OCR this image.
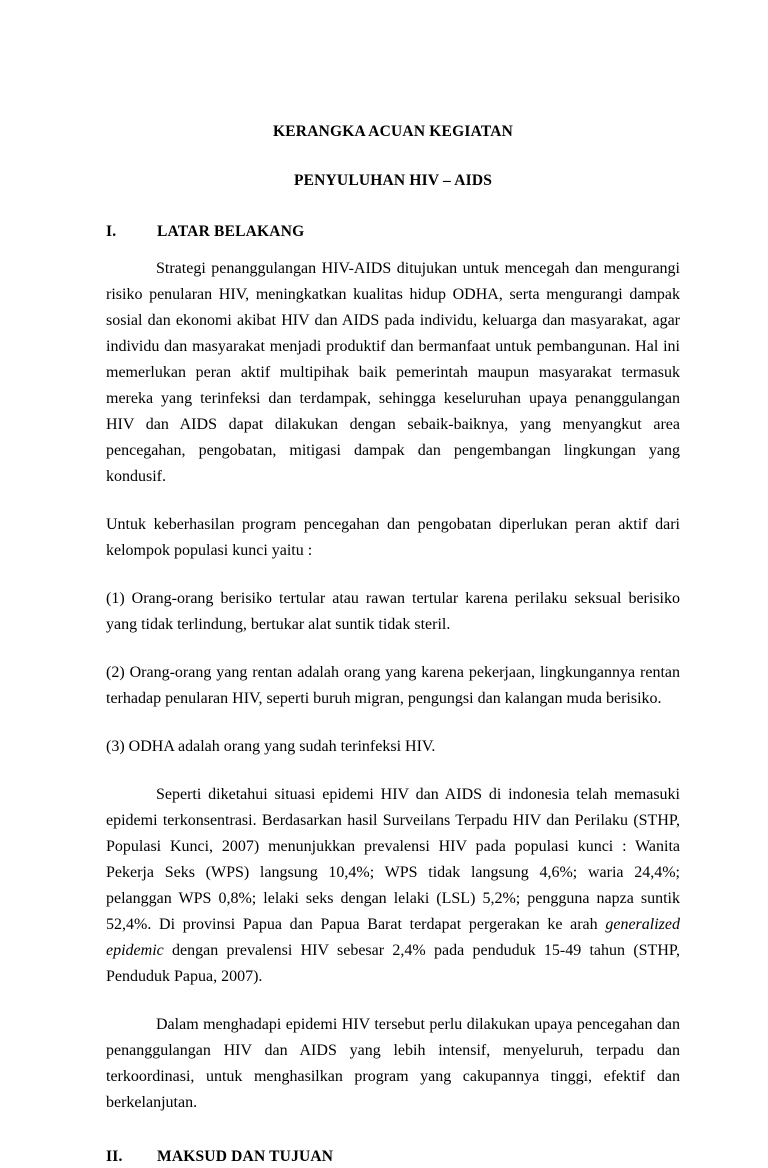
KERANGKA ACUAN KEGIATAN
PENYULUHAN HIV – AIDS
I.	LATAR BELAKANG

Strategi penanggulangan HIV-AIDS ditujukan untuk mencegah dan mengurangi risiko penularan HIV, meningkatkan kualitas hidup ODHA, serta mengurangi dampak sosial dan ekonomi akibat HIV dan AIDS pada individu, keluarga dan masyarakat, agar individu dan masyarakat menjadi produktif dan bermanfaat untuk pembangunan. Hal ini memerlukan peran aktif multipihak baik pemerintah maupun masyarakat termasuk mereka yang terinfeksi dan terdampak, sehingga keseluruhan upaya penanggulangan HIV dan AIDS dapat dilakukan dengan sebaik-baiknya, yang menyangkut area pencegahan, pengobatan, mitigasi dampak dan pengembangan lingkungan yang kondusif.

Untuk keberhasilan program pencegahan dan pengobatan diperlukan peran aktif dari kelompok populasi kunci yaitu :

(1) Orang-orang berisiko tertular atau rawan tertular karena perilaku seksual berisiko yang tidak terlindung, bertukar alat suntik tidak steril.

(2) Orang-orang yang rentan adalah orang yang karena pekerjaan, lingkungannya rentan terhadap penularan HIV, seperti buruh migran, pengungsi dan kalangan muda berisiko.

(3) ODHA adalah orang yang sudah terinfeksi HIV.

Seperti diketahui situasi epidemi HIV dan AIDS di indonesia telah memasuki epidemi terkonsentrasi. Berdasarkan hasil Surveilans Terpadu HIV dan Perilaku (STHP, Populasi Kunci, 2007) menunjukkan prevalensi HIV pada populasi kunci : Wanita Pekerja Seks (WPS) langsung 10,4%; WPS tidak langsung 4,6%; waria 24,4%; pelanggan WPS 0,8%; lelaki seks dengan lelaki (LSL) 5,2%; pengguna napza suntik 52,4%. Di provinsi Papua dan Papua Barat terdapat pergerakan ke arah generalized epidemic dengan prevalensi HIV sebesar 2,4% pada penduduk 15-49 tahun (STHP, Penduduk Papua, 2007).

Dalam menghadapi epidemi HIV tersebut perlu dilakukan upaya pencegahan dan penanggulangan HIV dan AIDS yang lebih intensif, menyeluruh, terpadu dan terkoordinasi, untuk menghasilkan program yang cakupannya tinggi, efektif dan berkelanjutan.

II.	MAKSUD DAN TUJUAN
